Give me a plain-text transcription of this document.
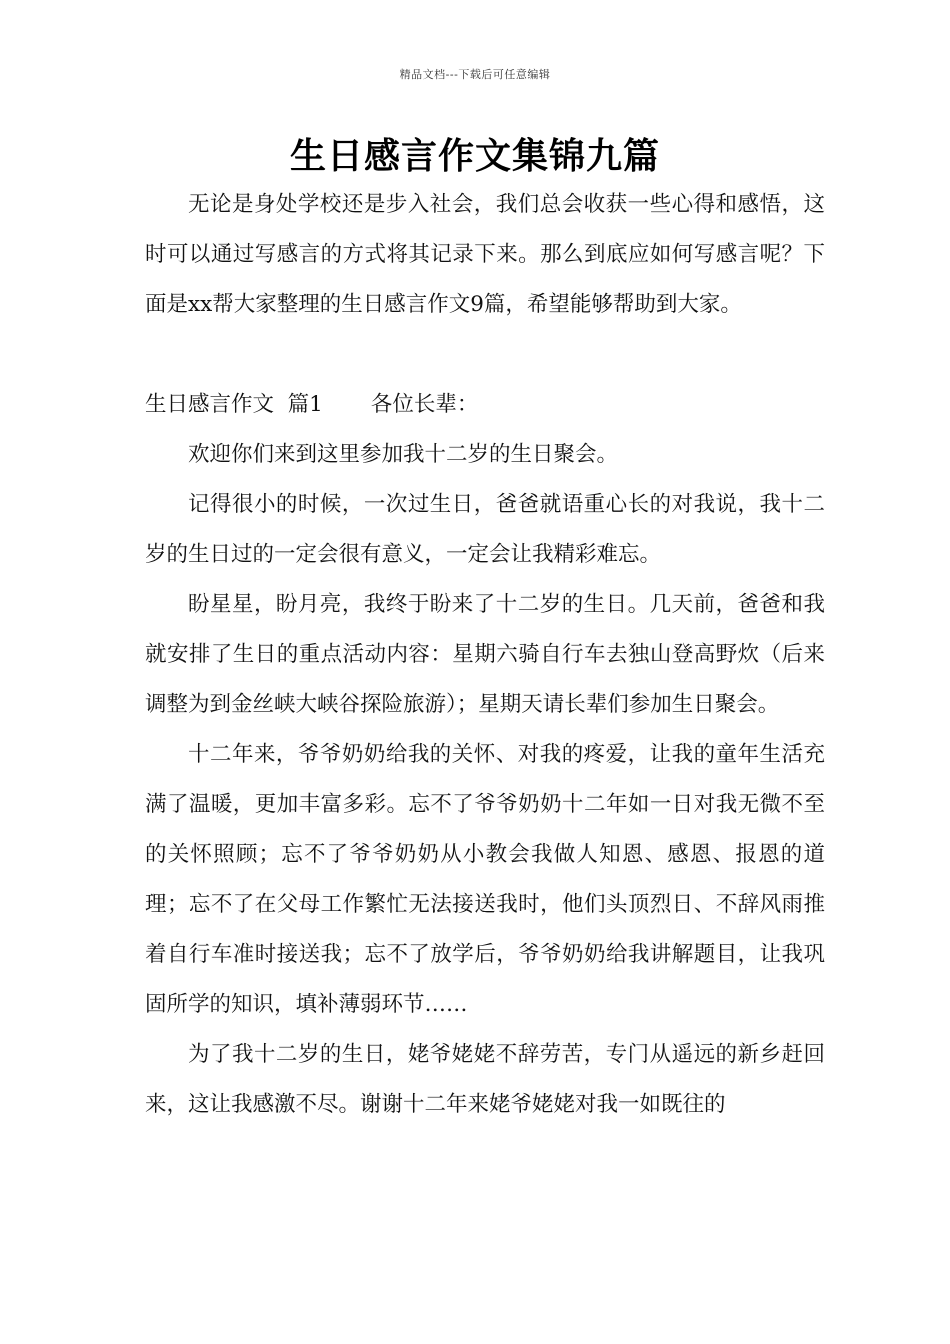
精品文档---下载后可任意编辑
生日感言作文集锦九篇

无论是身处学校还是步入社会，我们总会收获一些心得和感悟，这时可以通过写感言的方式将其记录下来。那么到底应如何写感言呢？下面是xx帮大家整理的生日感言作文9篇，希望能够帮助到大家。

生日感言作文  篇1 各位长辈：

欢迎你们来到这里参加我十二岁的生日聚会。

记得很小的时候，一次过生日，爸爸就语重心长的对我说，我十二岁的生日过的一定会很有意义，一定会让我精彩难忘。

盼星星，盼月亮，我终于盼来了十二岁的生日。几天前，爸爸和我就安排了生日的重点活动内容：星期六骑自行车去独山登高野炊（后来调整为到金丝峡大峡谷探险旅游）；星期天请长辈们参加生日聚会。

十二年来，爷爷奶奶给我的关怀、对我的疼爱，让我的童年生活充满了温暖，更加丰富多彩。忘不了爷爷奶奶十二年如一日对我无微不至的关怀照顾；忘不了爷爷奶奶从小教会我做人知恩、感恩、报恩的道理；忘不了在父母工作繁忙无法接送我时，他们头顶烈日、不辞风雨推着自行车准时接送我；忘不了放学后，爷爷奶奶给我讲解题目，让我巩固所学的知识，填补薄弱环节……

为了我十二岁的生日，姥爷姥姥不辞劳苦，专门从遥远的新乡赶回来，这让我感激不尽。谢谢十二年来姥爷姥姥对我一如既往的
